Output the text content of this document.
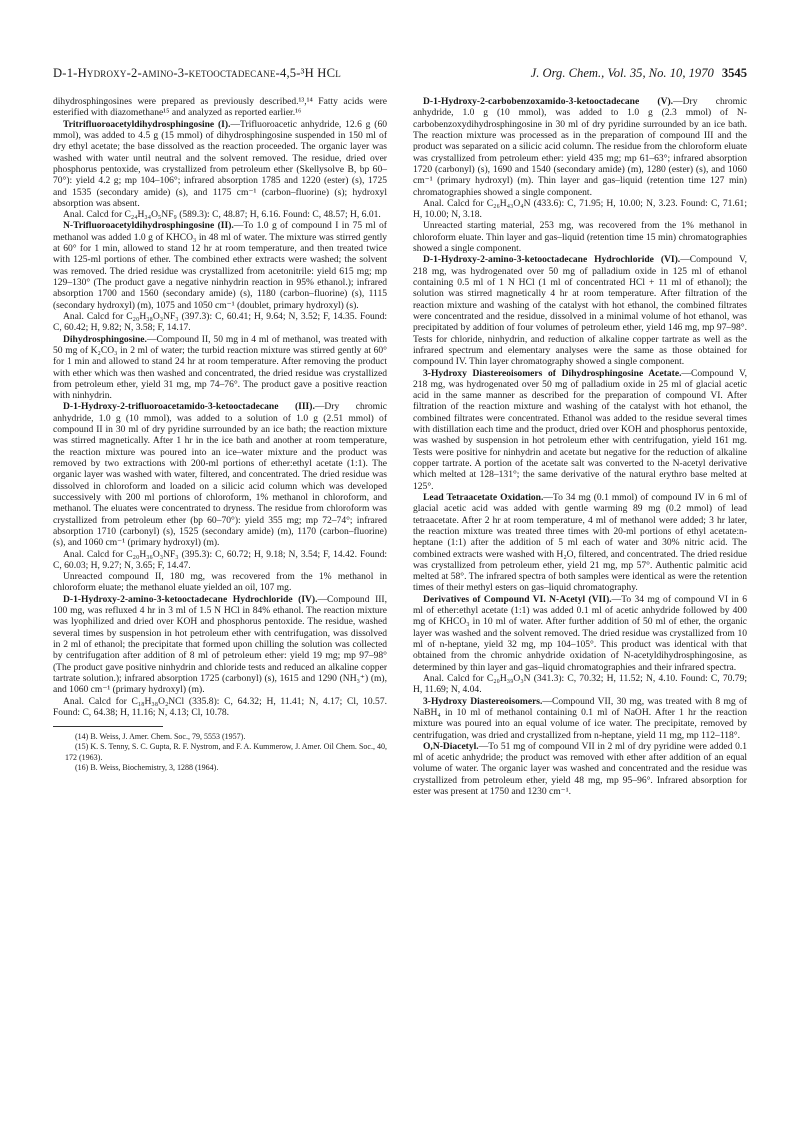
D-1-Hydroxy-2-amino-3-ketooctadecane-4,5-³H HCl	J. Org. Chem., Vol. 35, No. 10, 1970 3545

dihydrosphingosines were prepared as previously described.¹³,¹⁴ Fatty acids were esterified with diazomethane¹⁵ and analyzed as reported earlier.¹⁶

Tritrifluoroacetyldihydrosphingosine (I).—Trifluoroacetic anhydride, 12.6 g (60 mmol), was added to 4.5 g (15 mmol) of dihydrosphingosine suspended in 150 ml of dry ethyl acetate; the base dissolved as the reaction proceeded. The organic layer was washed with water until neutral and the solvent removed. The residue, dried over phosphorus pentoxide, was crystallized from petroleum ether (Skellysolve B, bp 60–70°): yield 4.2 g; mp 104–106°; infrared absorption 1785 and 1220 (ester) (s), 1725 and 1535 (secondary amide) (s), and 1175 cm⁻¹ (carbon–fluorine) (s); hydroxyl absorption was absent.

Anal. Calcd for C₂₄H₃₄O₅NF₉ (589.3): C, 48.87; H, 6.16. Found: C, 48.57; H, 6.01.

N-Trifluoroacetyldihydrosphingosine (II).—To 1.0 g of compound I in 75 ml of methanol was added 1.0 g of KHCO₃ in 48 ml of water. The mixture was stirred gently at 60° for 1 min, allowed to stand 12 hr at room temperature, and then treated twice with 125-ml portions of ether. The combined ether extracts were washed; the solvent was removed. The dried residue was crystallized from acetonitrile: yield 615 mg; mp 129–130° (The product gave a negative ninhydrin reaction in 95% ethanol.); infrared absorption 1700 and 1560 (secondary amide) (s), 1180 (carbon–fluorine) (s), 1115 (secondary hydroxyl) (m), 1075 and 1050 cm⁻¹ (doublet, primary hydroxyl) (s).

Anal. Calcd for C₂₀H₃₈O₃NF₃ (397.3): C, 60.41; H, 9.64; N, 3.52; F, 14.35. Found: C, 60.42; H, 9.82; N, 3.58; F, 14.17.

Dihydrosphingosine.—Compound II, 50 mg in 4 ml of methanol, was treated with 50 mg of K₂CO₃ in 2 ml of water; the turbid reaction mixture was stirred gently at 60° for 1 min and allowed to stand 24 hr at room temperature. After removing the product with ether which was then washed and concentrated, the dried residue was crystallized from petroleum ether, yield 31 mg, mp 74–76°. The product gave a positive reaction with ninhydrin.

D-1-Hydroxy-2-trifluoroacetamido-3-ketooctadecane (III).—Dry chromic anhydride, 1.0 g (10 mmol), was added to a solution of 1.0 g (2.51 mmol) of compound II in 30 ml of dry pyridine surrounded by an ice bath; the reaction mixture was stirred magnetically. After 1 hr in the ice bath and another at room temperature, the reaction mixture was poured into an ice–water mixture and the product was removed by two extractions with 200-ml portions of ether:ethyl acetate (1:1). The organic layer was washed with water, filtered, and concentrated. The dried residue was dissolved in chloroform and loaded on a silicic acid column which was developed successively with 200 ml portions of chloroform, 1% methanol in chloroform, and methanol. The eluates were concentrated to dryness. The residue from chloroform was crystallized from petroleum ether (bp 60–70°): yield 355 mg; mp 72–74°; infrared absorption 1710 (carbonyl) (s), 1525 (secondary amide) (m), 1170 (carbon–fluorine) (s), and 1060 cm⁻¹ (primary hydroxyl) (m).

Anal. Calcd for C₂₀H₃₆O₃NF₃ (395.3): C, 60.72; H, 9.18; N, 3.54; F, 14.42. Found: C, 60.03; H, 9.27; N, 3.65; F, 14.47.

Unreacted compound II, 180 mg, was recovered from the 1% methanol in chloroform eluate; the methanol eluate yielded an oil, 107 mg.

D-1-Hydroxy-2-amino-3-ketooctadecane Hydrochloride (IV).—Compound III, 100 mg, was refluxed 4 hr in 3 ml of 1.5 N HCl in 84% ethanol. The reaction mixture was lyophilized and dried over KOH and phosphorus pentoxide. The residue, washed several times by suspension in hot petroleum ether with centrifugation, was dissolved in 2 ml of ethanol; the precipitate that formed upon chilling the solution was collected by centrifugation after addition of 8 ml of petroleum ether: yield 19 mg; mp 97–98° (The product gave positive ninhydrin and chloride tests and reduced an alkaline copper tartrate solution.); infrared absorption 1725 (carbonyl) (s), 1615 and 1290 (NH₃⁺) (m), and 1060 cm⁻¹ (primary hydroxyl) (m).

Anal. Calcd for C₁₈H₃₈O₂NCl (335.8): C, 64.32; H, 11.41; N, 4.17; Cl, 10.57. Found: C, 64.38; H, 11.16; N, 4.13; Cl, 10.78.

(14) B. Weiss, J. Amer. Chem. Soc., 79, 5553 (1957).

(15) K. S. Tenny, S. C. Gupta, R. F. Nystrom, and F. A. Kummerow, J. Amer. Oil Chem. Soc., 40, 172 (1963).

(16) B. Weiss, Biochemistry, 3, 1288 (1964).

D-1-Hydroxy-2-carbobenzoxamido-3-ketooctadecane (V).—Dry chromic anhydride, 1.0 g (10 mmol), was added to 1.0 g (2.3 mmol) of N-carbobenzoxydihydrosphingosine in 30 ml of dry pyridine surrounded by an ice bath. The reaction mixture was processed as in the preparation of compound III and the product was separated on a silicic acid column. The residue from the chloroform eluate was crystallized from petroleum ether: yield 435 mg; mp 61–63°; infrared absorption 1720 (carbonyl) (s), 1690 and 1540 (secondary amide) (m), 1280 (ester) (s), and 1060 cm⁻¹ (primary hydroxyl) (m). Thin layer and gas–liquid (retention time 127 min) chromatographies showed a single component.

Anal. Calcd for C₂₆H₄₃O₄N (433.6): C, 71.95; H, 10.00; N, 3.23. Found: C, 71.61; H, 10.00; N, 3.18.

Unreacted starting material, 253 mg, was recovered from the 1% methanol in chloroform eluate. Thin layer and gas–liquid (retention time 15 min) chromatographies showed a single component.

D-1-Hydroxy-2-amino-3-ketooctadecane Hydrochloride (VI).—Compound V, 218 mg, was hydrogenated over 50 mg of palladium oxide in 125 ml of ethanol containing 0.5 ml of 1 N HCl (1 ml of concentrated HCl + 11 ml of ethanol); the solution was stirred magnetically 4 hr at room temperature. After filtration of the reaction mixture and washing of the catalyst with hot ethanol, the combined filtrates were concentrated and the residue, dissolved in a minimal volume of hot ethanol, was precipitated by addition of four volumes of petroleum ether, yield 146 mg, mp 97–98°. Tests for chloride, ninhydrin, and reduction of alkaline copper tartrate as well as the infrared spectrum and elementary analyses were the same as those obtained for compound IV. Thin layer chromatography showed a single component.

3-Hydroxy Diastereoisomers of Dihydrosphingosine Acetate.—Compound V, 218 mg, was hydrogenated over 50 mg of palladium oxide in 25 ml of glacial acetic acid in the same manner as described for the preparation of compound VI. After filtration of the reaction mixture and washing of the catalyst with hot ethanol, the combined filtrates were concentrated. Ethanol was added to the residue several times with distillation each time and the product, dried over KOH and phosphorus pentoxide, was washed by suspension in hot petroleum ether with centrifugation, yield 161 mg. Tests were positive for ninhydrin and acetate but negative for the reduction of alkaline copper tartrate. A portion of the acetate salt was converted to the N-acetyl derivative which melted at 128–131°; the same derivative of the natural erythro base melted at 125°.

Lead Tetraacetate Oxidation.—To 34 mg (0.1 mmol) of compound IV in 6 ml of glacial acetic acid was added with gentle warming 89 mg (0.2 mmol) of lead tetraacetate. After 2 hr at room temperature, 4 ml of methanol were added; 3 hr later, the reaction mixture was treated three times with 20-ml portions of ethyl acetate:n-heptane (1:1) after the addition of 5 ml each of water and 30% nitric acid. The combined extracts were washed with H₂O, filtered, and concentrated. The dried residue was crystallized from petroleum ether, yield 21 mg, mp 57°. Authentic palmitic acid melted at 58°. The infrared spectra of both samples were identical as were the retention times of their methyl esters on gas–liquid chromatography.

Derivatives of Compound VI. N-Acetyl (VII).—To 34 mg of compound VI in 6 ml of ether:ethyl acetate (1:1) was added 0.1 ml of acetic anhydride followed by 400 mg of KHCO₃ in 10 ml of water. After further addition of 50 ml of ether, the organic layer was washed and the solvent removed. The dried residue was crystallized from 10 ml of n-heptane, yield 32 mg, mp 104–105°. This product was identical with that obtained from the chromic anhydride oxidation of N-acetyldihydrosphingosine, as determined by thin layer and gas–liquid chromatographies and their infrared spectra.

Anal. Calcd for C₂₀H₃₉O₃N (341.3): C, 70.32; H, 11.52; N, 4.10. Found: C, 70.79; H, 11.69; N, 4.04.

3-Hydroxy Diastereoisomers.—Compound VII, 30 mg, was treated with 8 mg of NaBH₄ in 10 ml of methanol containing 0.1 ml of NaOH. After 1 hr the reaction mixture was poured into an equal volume of ice water. The precipitate, removed by centrifugation, was dried and crystallized from n-heptane, yield 11 mg, mp 112–118°.

O,N-Diacetyl.—To 51 mg of compound VII in 2 ml of dry pyridine were added 0.1 ml of acetic anhydride; the product was removed with ether after addition of an equal volume of water. The organic layer was washed and concentrated and the residue was crystallized from petroleum ether, yield 48 mg, mp 95–96°. Infrared absorption for ester was present at 1750 and 1230 cm⁻¹.
